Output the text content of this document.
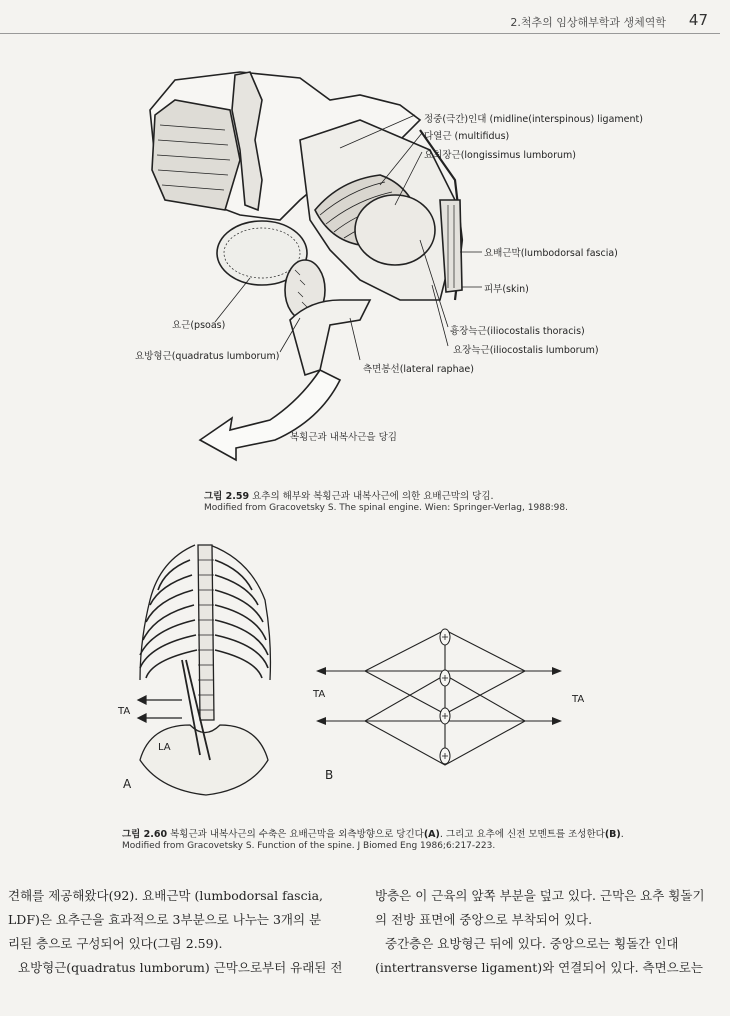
2.척추의 임상해부학과 생체역학 47
정중(극간)인대 (midline(interspinous) ligament)
다열근 (multifidus)
요최장근(longissimus lumborum)
요배근막(lumbodorsal fascia)
피부(skin)
요근(psoas)
흉장늑근(iliocostalis thoracis)
요장늑근(iliocostalis lumborum)
요방형근(quadratus lumborum)
측면봉선(lateral raphae)
복횡근과 내복사근을 당김
그림 2.59 요추의 해부와 복횡근과 내복사근에 의한 요배근막의 당김.
Modified from Gracovetsky S. The spinal engine. Wien: Springer-Verlag, 1988:98.
TA
LA
A
TA	TA
B
그림 2.60 복횡근과 내복사근의 수축은 요배근막을 외측방향으로 당긴다(A). 그리고 요추에 신전 모멘트를 조성한다(B).
Modified from Gracovetsky S. Function of the spine. J Biomed Eng 1986;6:217-223.
견해를 제공해왔다(92). 요배근막 (lumbodorsal fascia,
LDF)은 요추근을 효과적으로 3부분으로 나누는 3개의 분
리된 층으로 구성되어 있다(그림 2.59).
요방형근(quadratus lumborum) 근막으로부터 유래된 전
방층은 이 근육의 앞쪽 부분을 덮고 있다. 근막은 요추 횡돌기
의 전방 표면에 중앙으로 부착되어 있다.
중간층은 요방형근 뒤에 있다. 중앙으로는 횡돌간 인대
(intertransverse ligament)와 연결되어 있다. 측면으로는
